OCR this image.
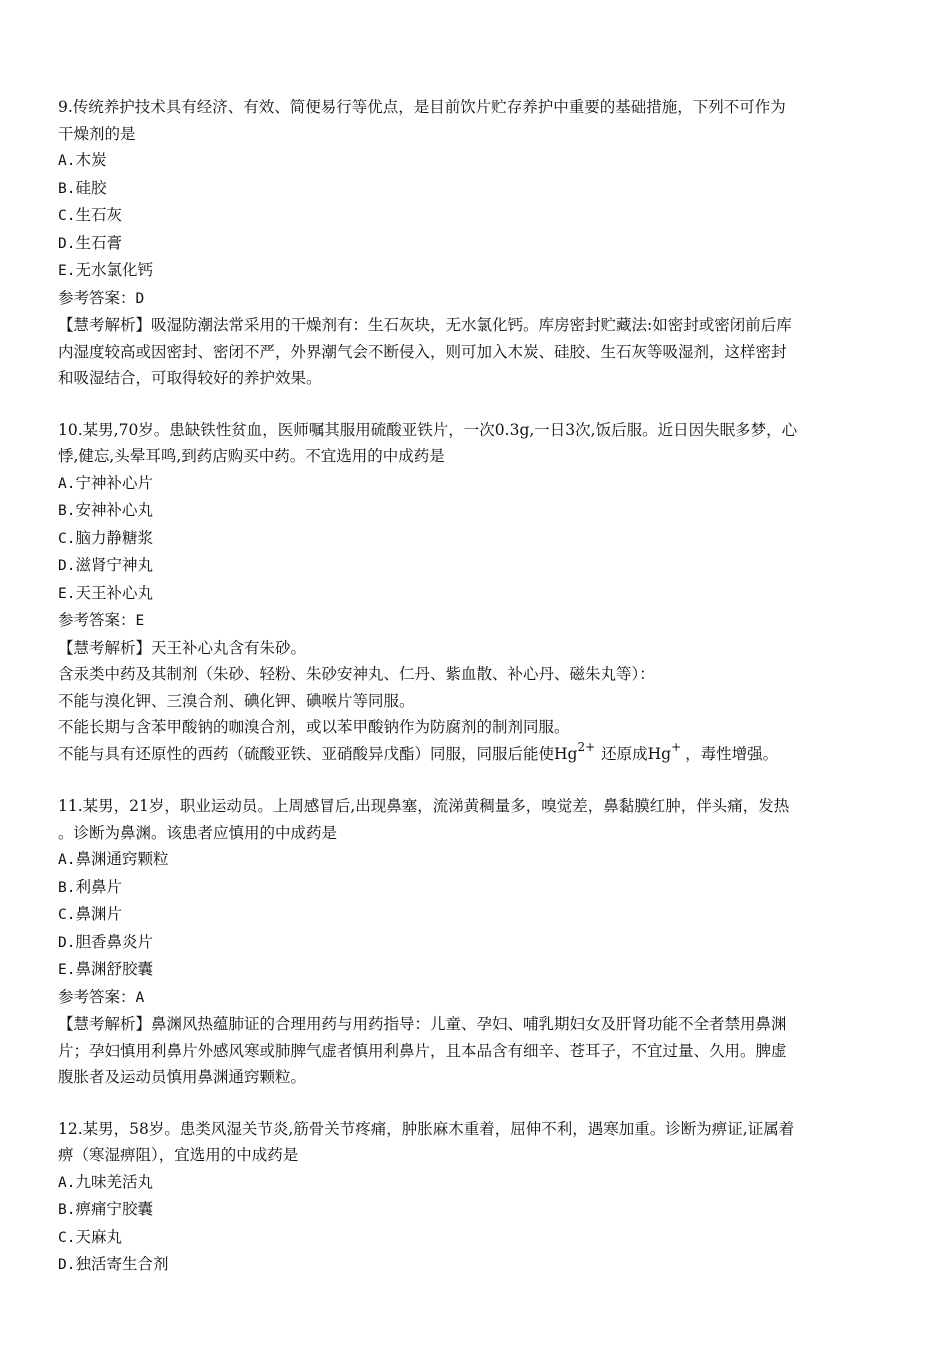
9.传统养护技术具有经济、有效、简便易行等优点，是目前饮片贮存养护中重要的基础措施，下列不可作为
干燥剂的是
A.木炭
B.硅胶
C.生石灰
D.生石膏
E.无水氯化钙
参考答案：D
【慧考解析】吸湿防潮法常采用的干燥剂有：生石灰块，无水氯化钙。库房密封贮藏法:如密封或密闭前后库
内湿度较高或因密封、密闭不严，外界潮气会不断侵入，则可加入木炭、硅胶、生石灰等吸湿剂，这样密封
和吸湿结合，可取得较好的养护效果。
10.某男,70岁。患缺铁性贫血，医师嘱其服用硫酸亚铁片，一次0.3g,一日3次,饭后服。近日因失眠多梦，心
悸,健忘,头晕耳鸣,到药店购买中药。不宜选用的中成药是
A.宁神补心片
B.安神补心丸
C.脑力静糖浆
D.滋肾宁神丸
E.天王补心丸
参考答案：E
【慧考解析】天王补心丸含有朱砂。
含汞类中药及其制剂（朱砂、轻粉、朱砂安神丸、仁丹、紫血散、补心丹、磁朱丸等）：
不能与溴化钾、三溴合剂、碘化钾、碘喉片等同服。
不能长期与含苯甲酸钠的咖溴合剂，或以苯甲酸钠作为防腐剂的制剂同服。
不能与具有还原性的西药（硫酸亚铁、亚硝酸异戊酯）同服，同服后能使$Hg^{2+}$ 还原成Hg+ ，毒性增强。
11.某男，21岁，职业运动员。上周感冒后,出现鼻塞，流涕黄稠量多，嗅觉差，鼻黏膜红肿，伴头痛，发热
。诊断为鼻渊。该患者应慎用的中成药是
A.鼻渊通窍颗粒
B.利鼻片
C.鼻渊片
D.胆香鼻炎片
E.鼻渊舒胶囊
参考答案：A
【慧考解析】鼻渊风热蕴肺证的合理用药与用药指导：儿童、孕妇、哺乳期妇女及肝肾功能不全者禁用鼻渊
片；孕妇慎用利鼻片外感风寒或肺脾气虚者慎用利鼻片，且本品含有细辛、苍耳子，不宜过量、久用。脾虚
腹胀者及运动员慎用鼻渊通窍颗粒。
12.某男，58岁。患类风湿关节炎,筋骨关节疼痛，肿胀麻木重着，屈伸不利，遇寒加重。诊断为痹证,证属着
痹（寒湿痹阻），宜选用的中成药是
A.九味羌活丸
B.痹痛宁胶囊
C.天麻丸
D.独活寄生合剂
